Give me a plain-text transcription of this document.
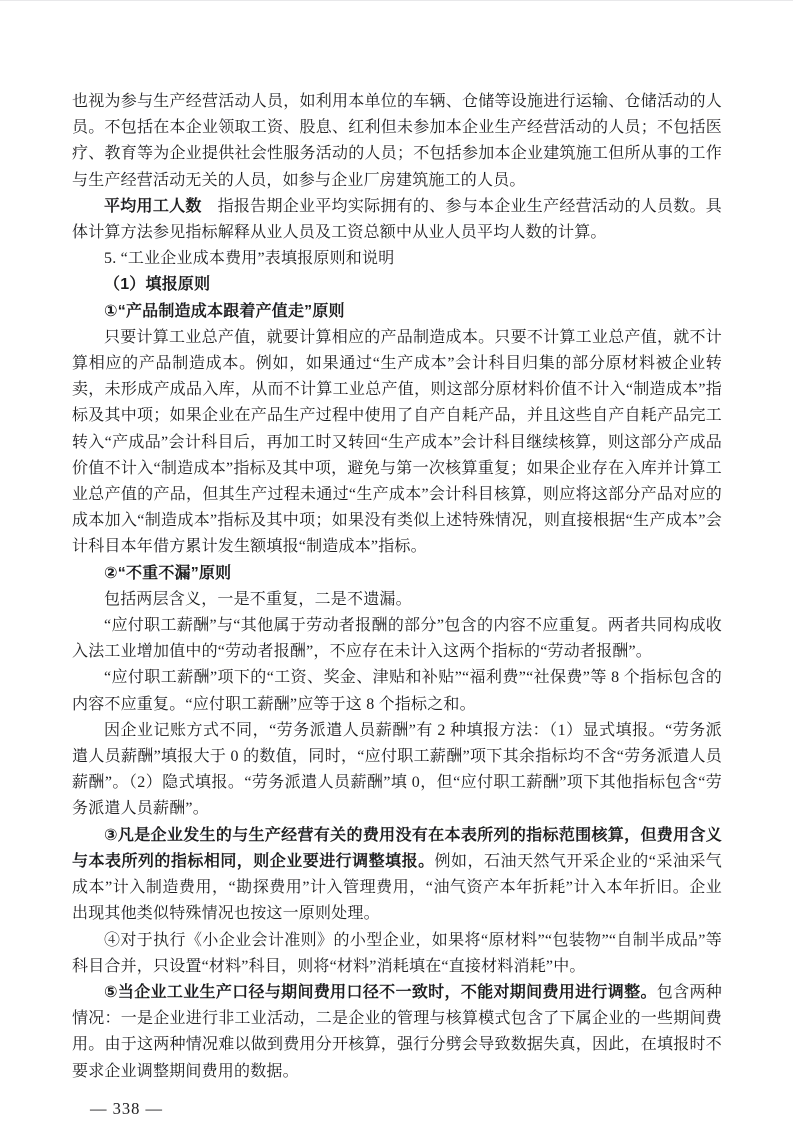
也视为参与生产经营活动人员，如利用本单位的车辆、仓储等设施进行运输、仓储活动的人员。不包括在本企业领取工资、股息、红利但未参加本企业生产经营活动的人员；不包括医疗、教育等为企业提供社会性服务活动的人员；不包括参加本企业建筑施工但所从事的工作与生产经营活动无关的人员，如参与企业厂房建筑施工的人员。

平均用工人数 指报告期企业平均实际拥有的、参与本企业生产经营活动的人员数。具体计算方法参见指标解释从业人员及工资总额中从业人员平均人数的计算。

5. “工业企业成本费用”表填报原则和说明

（1）填报原则

①“产品制造成本跟着产值走”原则

只要计算工业总产值，就要计算相应的产品制造成本。只要不计算工业总产值，就不计算相应的产品制造成本。例如，如果通过“生产成本”会计科目归集的部分原材料被企业转卖，未形成产成品入库，从而不计算工业总产值，则这部分原材料价值不计入“制造成本”指标及其中项；如果企业在产品生产过程中使用了自产自耗产品，并且这些自产自耗产品完工转入“产成品”会计科目后，再加工时又转回“生产成本”会计科目继续核算，则这部分产成品价值不计入“制造成本”指标及其中项，避免与第一次核算重复；如果企业存在入库并计算工业总产值的产品，但其生产过程未通过“生产成本”会计科目核算，则应将这部分产品对应的成本加入“制造成本”指标及其中项；如果没有类似上述特殊情况，则直接根据“生产成本”会计科目本年借方累计发生额填报“制造成本”指标。

②“不重不漏”原则

包括两层含义，一是不重复，二是不遗漏。

“应付职工薪酬”与“其他属于劳动者报酬的部分”包含的内容不应重复。两者共同构成收入法工业增加值中的“劳动者报酬”，不应存在未计入这两个指标的“劳动者报酬”。

“应付职工薪酬”项下的“工资、奖金、津贴和补贴”“福利费”“社保费”等 8 个指标包含的内容不应重复。“应付职工薪酬”应等于这 8 个指标之和。

因企业记账方式不同，“劳务派遣人员薪酬”有 2 种填报方法：（1）显式填报。“劳务派遣人员薪酬”填报大于 0 的数值，同时，“应付职工薪酬”项下其余指标均不含“劳务派遣人员薪酬”。（2）隐式填报。“劳务派遣人员薪酬”填 0，但“应付职工薪酬”项下其他指标包含“劳务派遣人员薪酬”。

③凡是企业发生的与生产经营有关的费用没有在本表所列的指标范围核算，但费用含义与本表所列的指标相同，则企业要进行调整填报。例如，石油天然气开采企业的“采油采气成本”计入制造费用，“勘探费用”计入管理费用，“油气资产本年折耗”计入本年折旧。企业出现其他类似特殊情况也按这一原则处理。

④对于执行《小企业会计准则》的小型企业，如果将“原材料”“包装物”“自制半成品”等科目合并，只设置“材料”科目，则将“材料”消耗填在“直接材料消耗”中。

⑤当企业工业生产口径与期间费用口径不一致时，不能对期间费用进行调整。包含两种情况：一是企业进行非工业活动，二是企业的管理与核算模式包含了下属企业的一些期间费用。由于这两种情况难以做到费用分开核算，强行分劈会导致数据失真，因此，在填报时不要求企业调整期间费用的数据。

— 338 —
